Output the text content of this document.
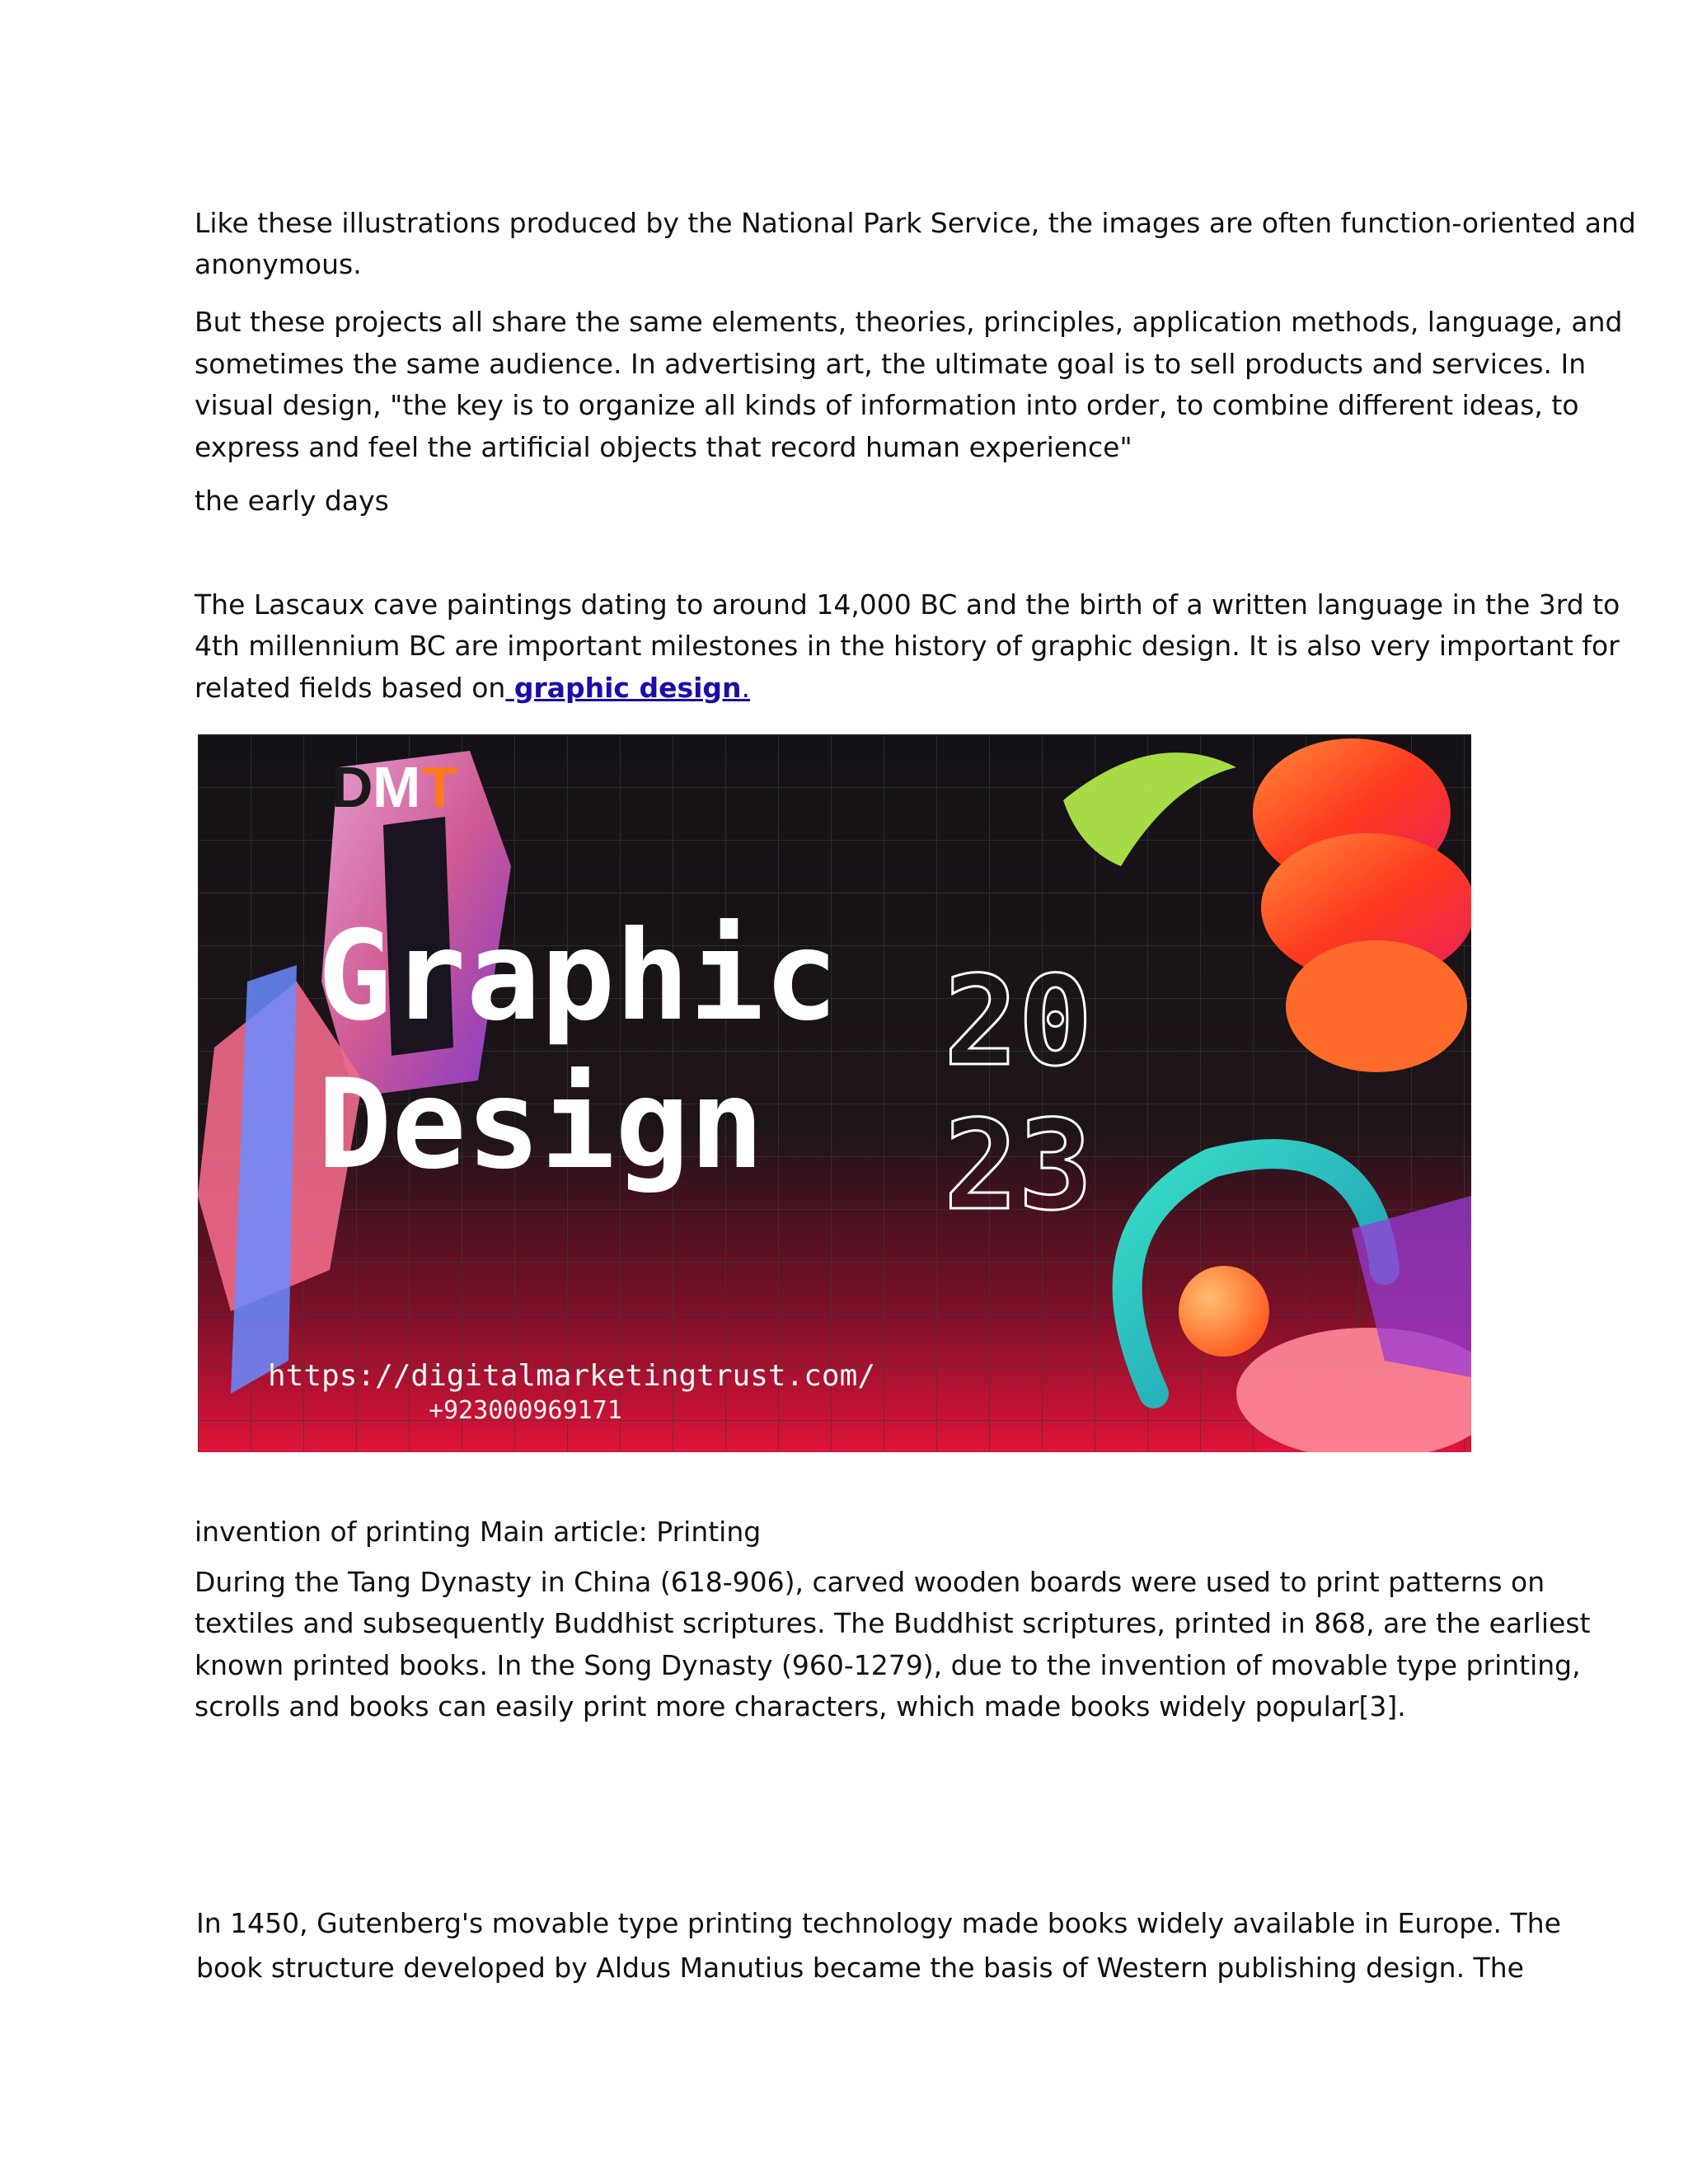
Like these illustrations produced by the National Park Service, the images are often function-oriented and

anonymous.

But these projects all share the same elements, theories, principles, application methods, language, and

sometimes the same audience. In advertising art, the ultimate goal is to sell products and services. In

visual design, "the key is to organize all kinds of information into order, to combine different ideas, to

express and feel the artificial objects that record human experience"

the early days

The Lascaux cave paintings dating to around 14,000 BC and the birth of a written language in the 3rd to

4th millennium BC are important milestones in the history of graphic design. It is also very important for

related fields based on graphic design.

D M T
Graphic
Design
20
23
https://digitalmarketingtrust.com/
+923000969171

invention of printing Main article: Printing

During the Tang Dynasty in China (618-906), carved wooden boards were used to print patterns on

textiles and subsequently Buddhist scriptures. The Buddhist scriptures, printed in 868, are the earliest

known printed books. In the Song Dynasty (960-1279), due to the invention of movable type printing,

scrolls and books can easily print more characters, which made books widely popular[3].

In 1450, Gutenberg's movable type printing technology made books widely available in Europe. The

book structure developed by Aldus Manutius became the basis of Western publishing design. The
